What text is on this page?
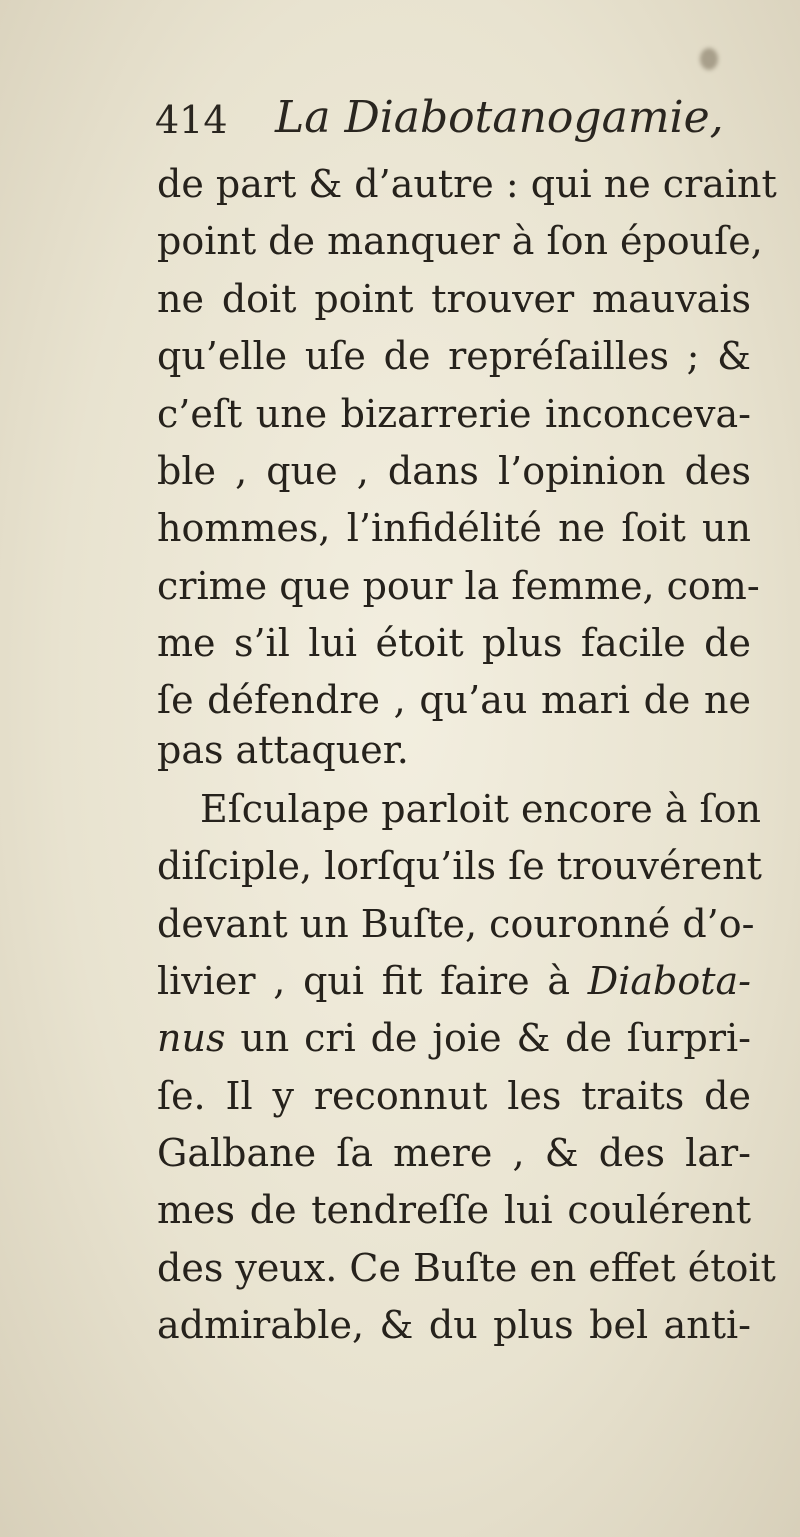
414 La Diabotanogamie,
de part & d’autre : qui ne craint
point de manquer à ſon épouſe,
ne doit point trouver mauvais
qu’elle uſe de repréſailles ; &
c’eſt une bizarrerie inconceva-
ble , que , dans l’opinion des
hommes, l’infidélité ne ſoit un
crime que pour la femme, com-
me s’il lui étoit plus facile de
ſe défendre , qu’au mari de ne
pas attaquer.
Eſculape parloit encore à ſon
diſciple, lorſqu’ils ſe trouvérent
devant un Buſte, couronné d’o-
livier , qui fit faire à Diabota-
nus un cri de joie & de ſurpri-
ſe. Il y reconnut les traits de
Galbane ſa mere , & des lar-
mes de tendreſſe lui coulérent
des yeux. Ce Buſte en effet étoit
admirable, & du plus bel anti-
